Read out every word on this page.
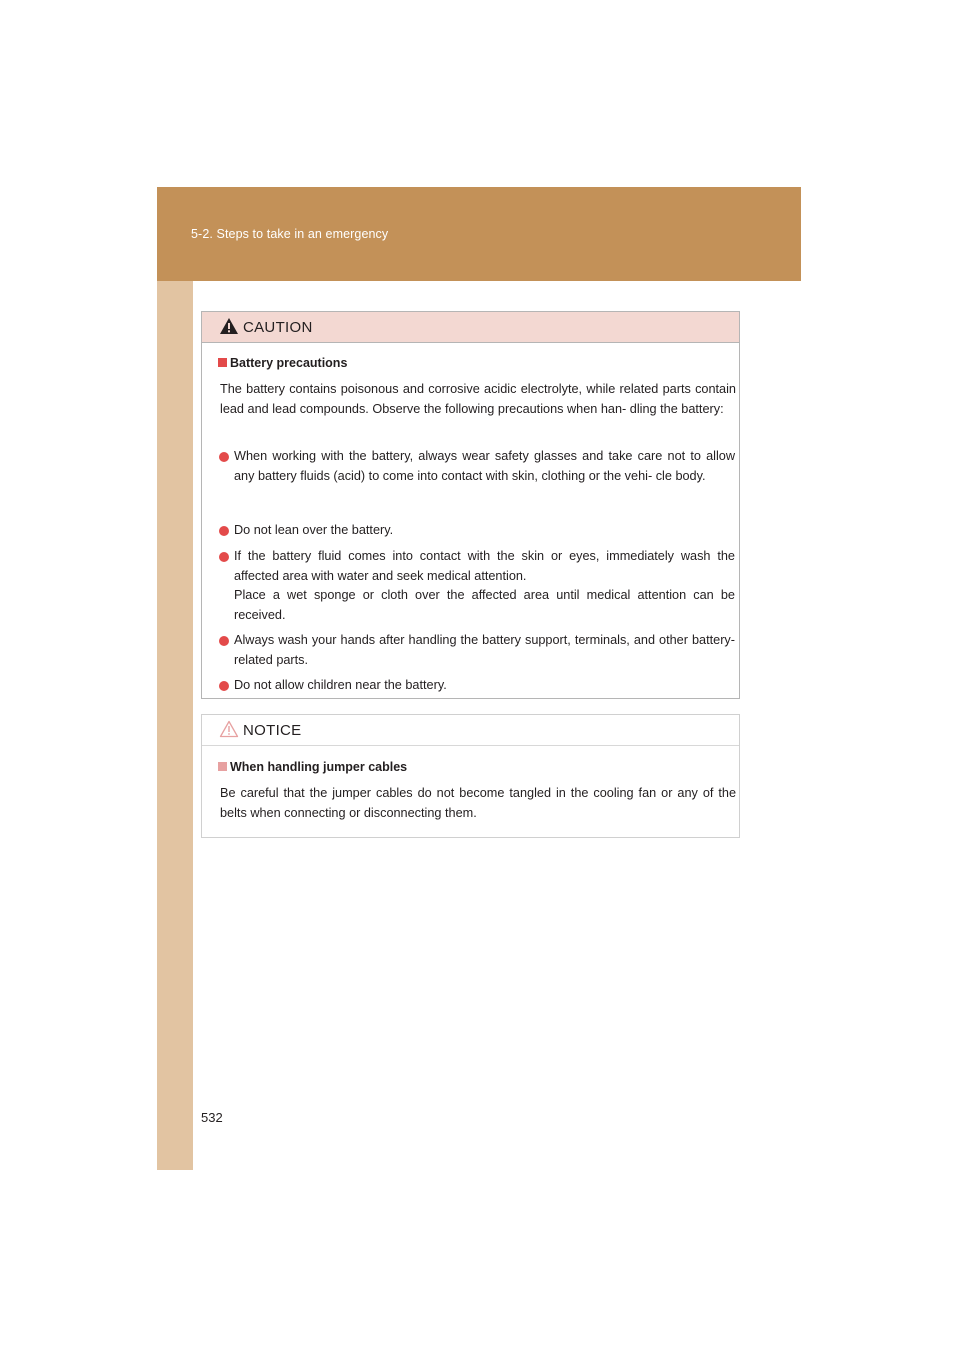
5-2. Steps to take in an emergency
CAUTION
Battery precautions
The battery contains poisonous and corrosive acidic electrolyte, while related parts contain lead and lead compounds. Observe the following precautions when han- dling the battery:
When working with the battery, always wear safety glasses and take care not to allow any battery fluids (acid) to come into contact with skin, clothing or the vehi- cle body.
Do not lean over the battery.
If the battery fluid comes into contact with the skin or eyes, immediately wash the affected area with water and seek medical attention.
Place a wet sponge or cloth over the affected area until medical attention can be received.
Always wash your hands after handling the battery support, terminals, and other battery-related parts.
Do not allow children near the battery.
NOTICE
When handling jumper cables
Be careful that the jumper cables do not become tangled in the cooling fan or any of the belts when connecting or disconnecting them.
532
